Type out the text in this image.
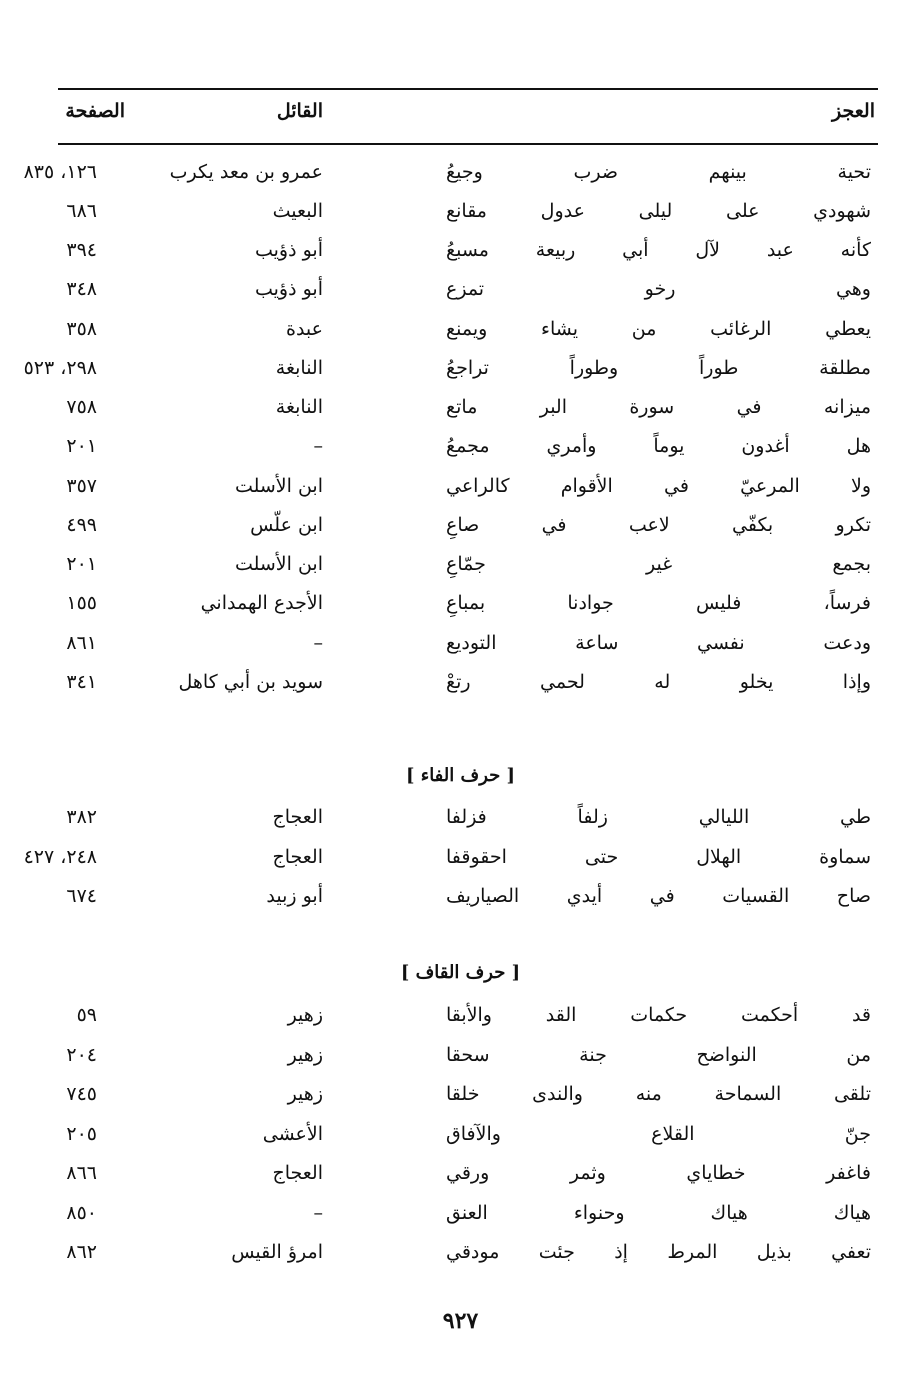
العجز
القائل
الصفحة
تحية بينهم ضرب وجيعُ
عمرو بن معد يكرب
١٢٦، ٨٣٥
شهودي على ليلى عدول مقانع
البعيث
٦٨٦
كأنه عبد لآل أبي ربيعة مسبعُ
أبو ذؤيب
٣٩٤
وهي رخو تمزع
أبو ذؤيب
٣٤٨
يعطي الرغائب من يشاء ويمنع
عبدة
٣٥٨
مطلقة طوراً وطوراً تراجعُ
النابغة
٢٩٨، ٥٢٣
ميزانه في سورة البر ماتع
النابغة
٧٥٨
هل أغدون يوماً وأمري مجمعُ
–
٢٠١
ولا المرعيّ في الأقوام كالراعي
ابن الأسلت
٣٥٧
تكرو بكفّي لاعب في صاعِ
ابن علّس
٤٩٩
بجمع غير جمّاعِ
ابن الأسلت
٢٠١
فرساً، فليس جوادنا بمباعِ
الأجدع الهمداني
١٥٥
ودعت نفسي ساعة التوديع
–
٨٦١
وإذا يخلو له لحمي رتعْ
سويد بن أبي كاهل
٣٤١
[ حرف الفاء ]
طي الليالي زلفاً فزلفا
العجاج
٣٨٢
سماوة الهلال حتى احقوقفا
العجاج
٢٤٨، ٤٢٧
صاح القسيات في أيدي الصياريف
أبو زبيد
٦٧٤
[ حرف القاف ]
قد أحكمت حكمات القد والأبقا
زهير
٥٩
من النواضح جنة سحقا
زهير
٢٠٤
تلقى السماحة منه والندى خلقا
زهير
٧٤٥
جنّ القلاع والآفاق
الأعشى
٢٠٥
فاغفر خطاياي وثمر ورقي
العجاج
٨٦٦
هياك هياك وحنواء العنق
–
٨٥٠
تعفي بذيل المرط إذ جئت مودقي
امرؤ القيس
٨٦٢
٩٢٧
